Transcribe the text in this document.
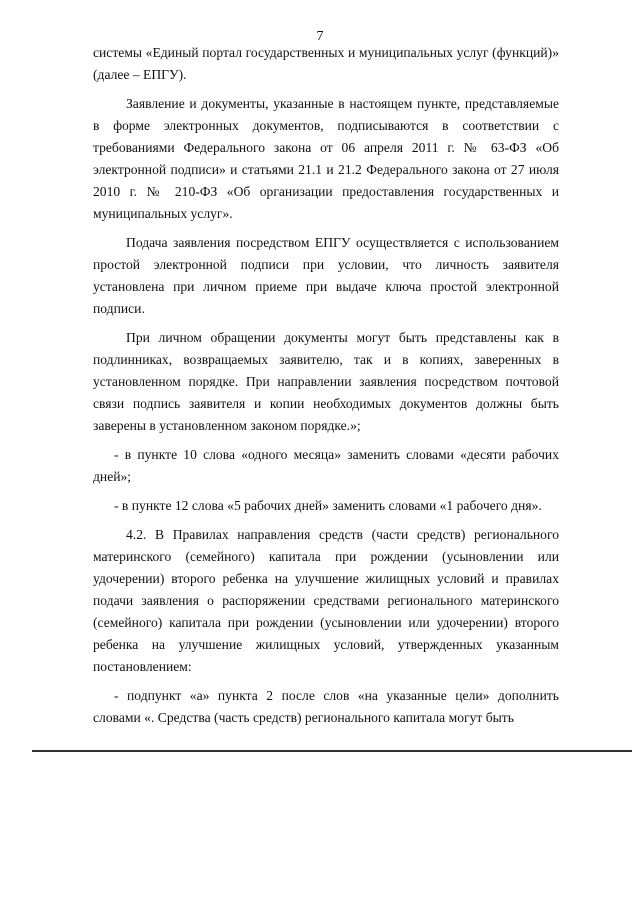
7

системы «Единый портал государственных и муниципальных услуг (функций)» (далее – ЕПГУ).

Заявление и документы, указанные в настоящем пункте, представляемые в форме электронных документов, подписываются в соответствии с требованиями Федерального закона от 06 апреля 2011 г. № 63-ФЗ «Об электронной подписи» и статьями 21.1 и 21.2 Федерального закона от 27 июля 2010 г. № 210-ФЗ «Об организации предоставления государственных и муниципальных услуг».

Подача заявления посредством ЕПГУ осуществляется с использованием простой электронной подписи при условии, что личность заявителя установлена при личном приеме при выдаче ключа простой электронной подписи.

При личном обращении документы могут быть представлены как в подлинниках, возвращаемых заявителю, так и в копиях, заверенных в установленном порядке. При направлении заявления посредством почтовой связи подпись заявителя и копии необходимых документов должны быть заверены в установленном законом порядке.»;

- в пункте 10 слова «одного месяца» заменить словами «десяти рабочих дней»;

- в пункте 12 слова «5 рабочих дней» заменить словами «1 рабочего дня».

4.2. В Правилах направления средств (части средств) регионального материнского (семейного) капитала при рождении (усыновлении или удочерении) второго ребенка на улучшение жилищных условий и правилах подачи заявления о распоряжении средствами регионального материнского (семейного) капитала при рождении (усыновлении или удочерении) второго ребенка на улучшение жилищных условий, утвержденных указанным постановлением:

- подпункт «а» пункта 2 после слов «на указанные цели» дополнить словами «. Средства (часть средств) регионального капитала могут быть
